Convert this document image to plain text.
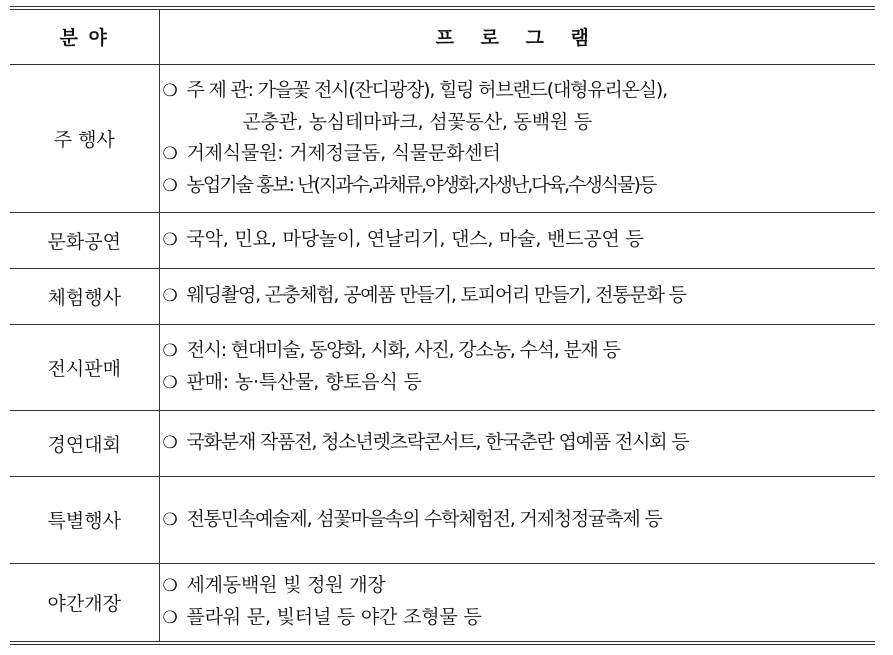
분 야	프 로 그 램
주 행사	❍ 주 제 관: 가을꽃 전시(잔디광장), 힐링 허브랜드(대형유리온실),
곤충관, 농심테마파크, 섬꽃동산, 동백원 등
❍ 거제식물원: 거제정글돔, 식물문화센터
❍ 농업기술 홍보: 난(지과수,과채류,야생화,자생난,다육,수생식물)등

문화공연	❍ 국악, 민요, 마당놀이, 연날리기, 댄스, 마술, 밴드공연 등

체험행사	❍ 웨딩촬영, 곤충체험, 공예품 만들기, 토피어리 만들기, 전통문화 등

전시판매	❍ 전시: 현대미술, 동양화, 시화, 사진, 강소농, 수석, 분재 등
❍ 판매: 농·특산물, 향토음식 등

경연대회	❍ 국화분재 작품전, 청소년렛츠락콘서트, 한국춘란 엽예품 전시회 등

특별행사	❍ 전통민속예술제, 섬꽃마을속의 수학체험전, 거제청정귤축제 등

야간개장	❍ 세계동백원 빛 정원 개장
❍ 플라워 문, 빛터널 등 야간 조형물 등
